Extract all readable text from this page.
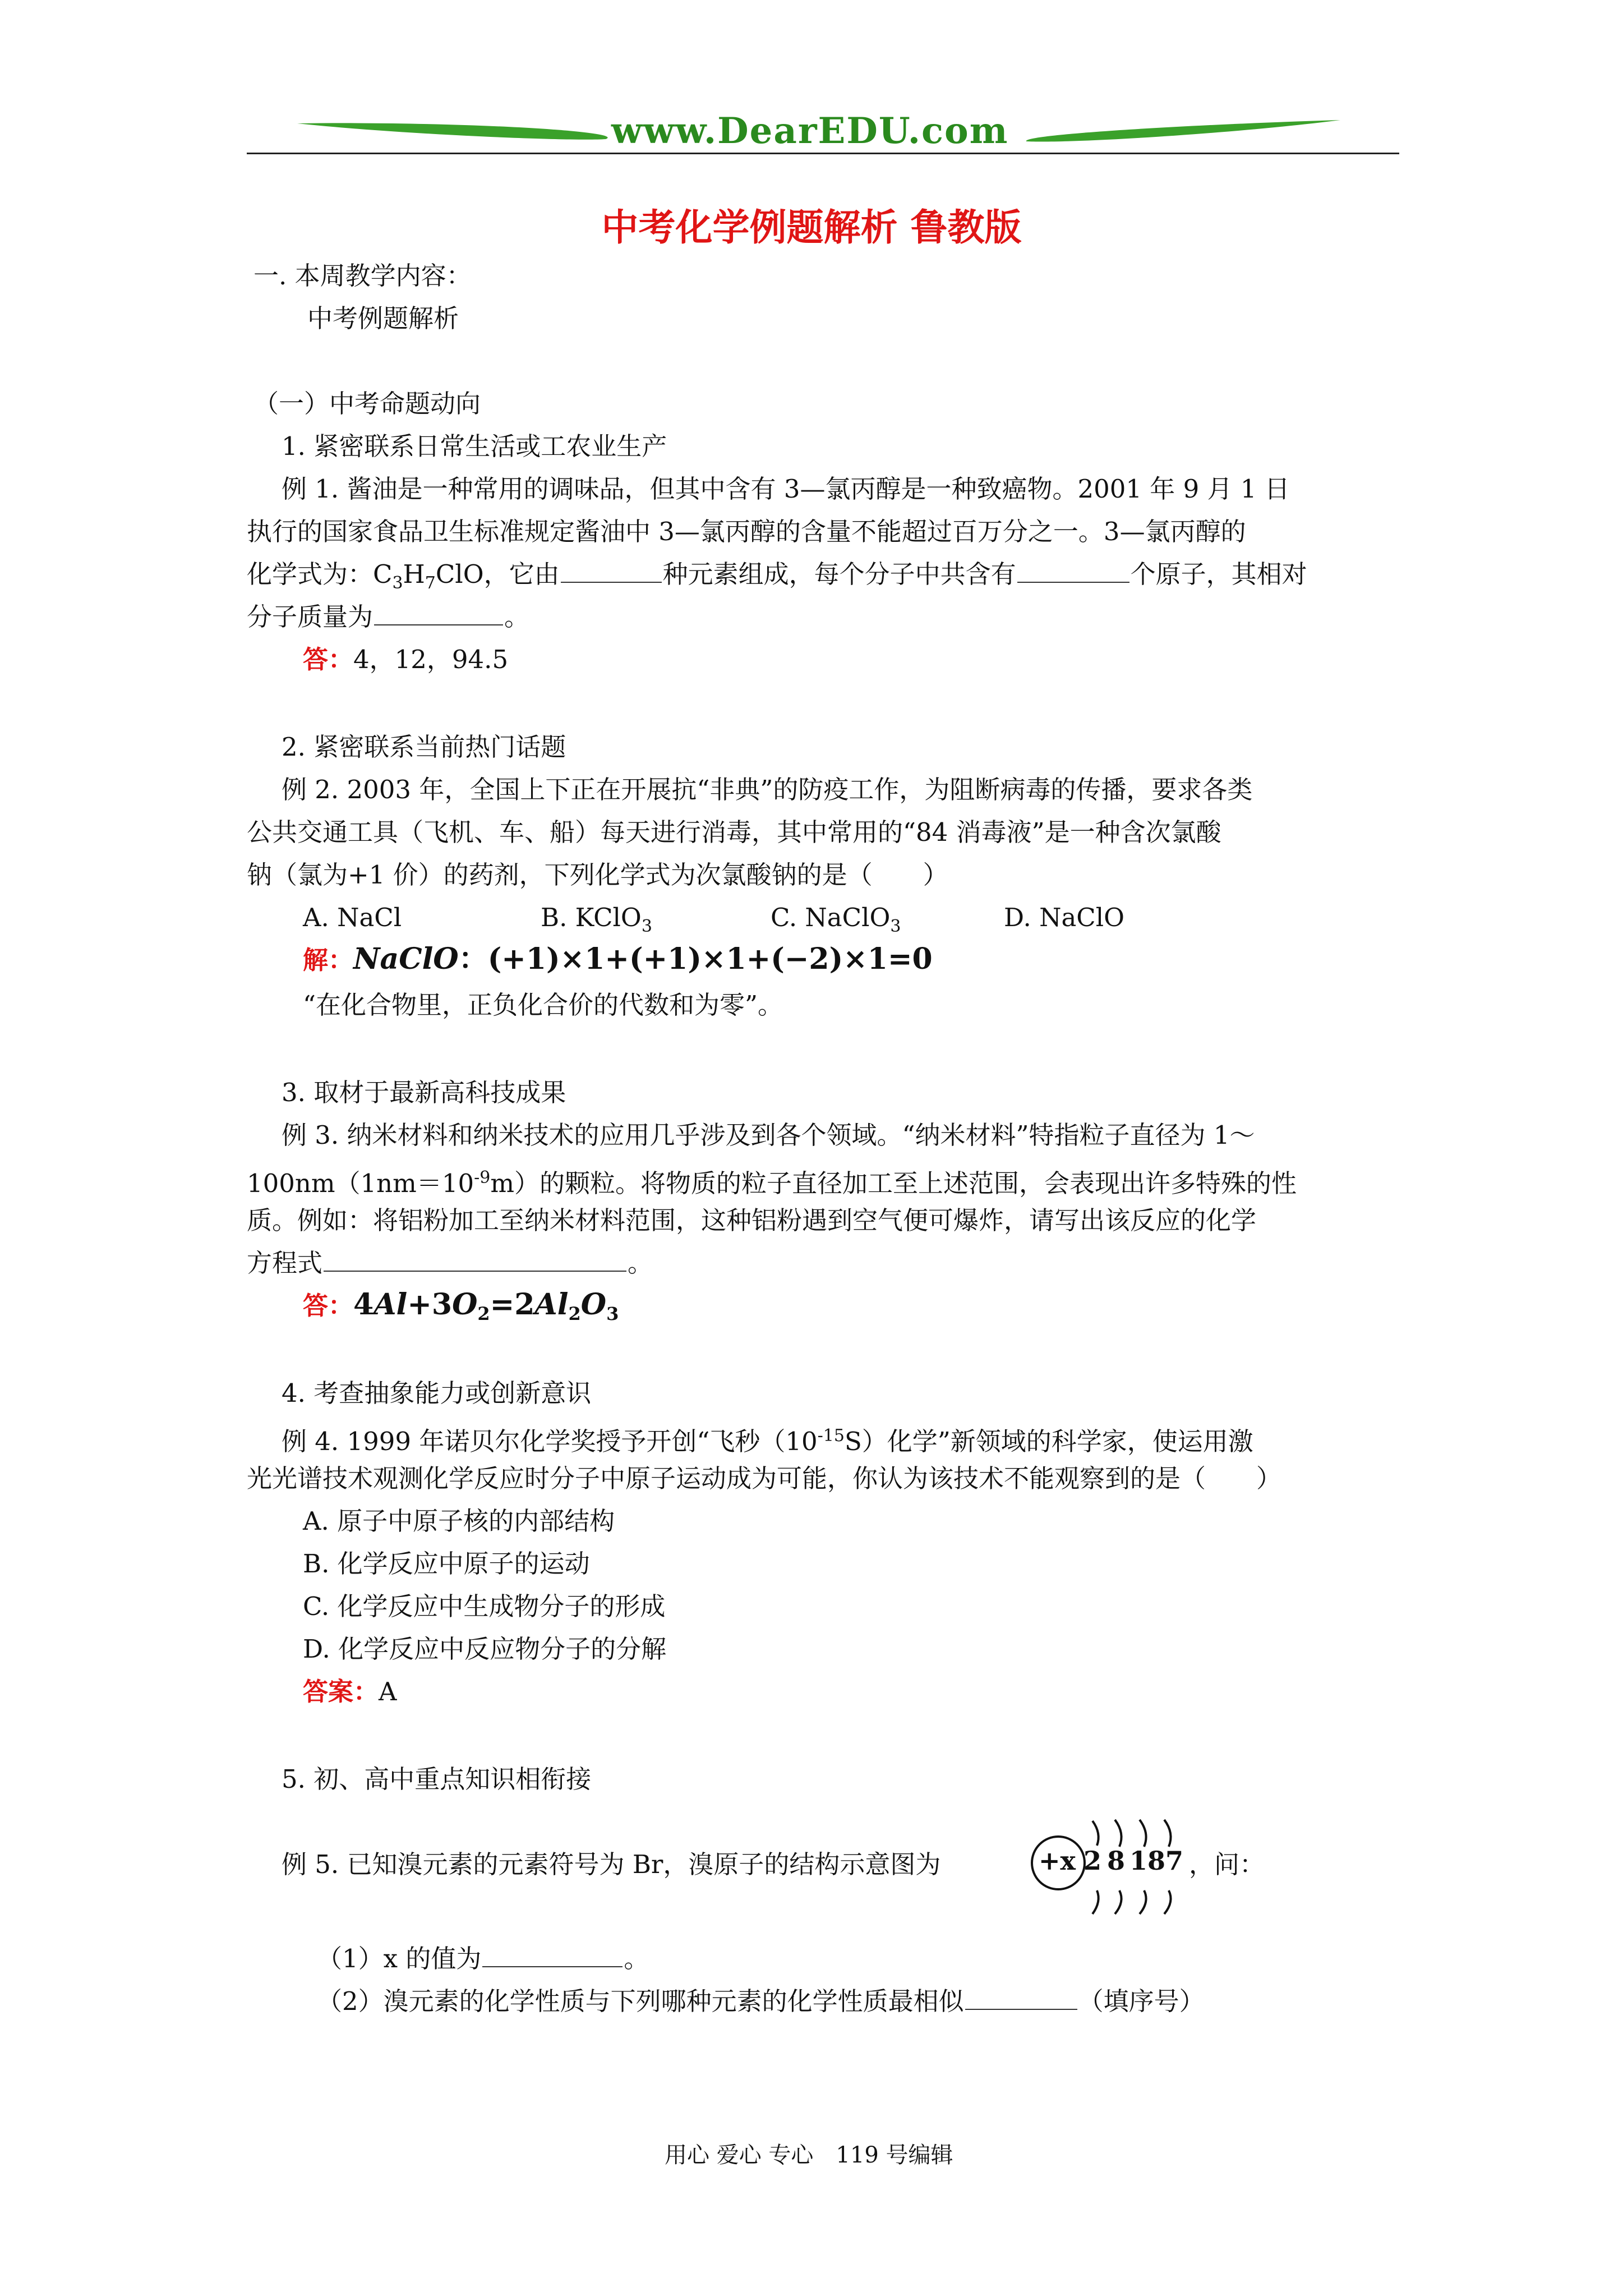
www.DearEDU.com
中考化学例题解析 鲁教版
一. 本周教学内容：
中考例题解析
（一）中考命题动向
1. 紧密联系日常生活或工农业生产
例 1. 酱油是一种常用的调味品，但其中含有 3—氯丙醇是一种致癌物。2001 年 9 月 1 日
执行的国家食品卫生标准规定酱油中 3—氯丙醇的含量不能超过百万分之一。3—氯丙醇的
化学式为：$C_3H_7ClO$，它由	种元素组成，每个分子中共含有	个原子，其相对
分子质量为	。
答：4，12，94.5
2. 紧密联系当前热门话题
例 2. 2003 年，全国上下正在开展抗“非典”的防疫工作，为阻断病毒的传播，要求各类
公共交通工具（飞机、车、船）每天进行消毒，其中常用的“84 消毒液”是一种含次氯酸
钠（氯为+1 价）的药剂，下列化学式为次氯酸钠的是（　　）
A. NaCl	B. KClO$_3$	C. NaClO$_3$	D. NaClO
解：NaClO：(+1)×1+(+1)×1+(−2)×1=0
“在化合物里，正负化合价的代数和为零”。
3. 取材于最新高科技成果
例 3. 纳米材料和纳米技术的应用几乎涉及到各个领域。“纳米材料”特指粒子直径为 1～
$100nm(1nm=10^{-9}m)$的颗粒。将物质的粒子直径加工至上述范围，会表现出许多特殊的性
质。例如：将铝粉加工至纳米材料范围，这种铝粉遇到空气便可爆炸，请写出该反应的化学
方程式	。
答：$4Al+3O_2=2Al_2O_3$
4. 考查抽象能力或创新意识
例 4. 1999 年诺贝尔化学奖授予开创“飞秒$(10^{-15}S)$化学”新领域的科学家，使运用激
光光谱技术观测化学反应时分子中原子运动成为可能，你认为该技术不能观察到的是（　　）
A. 原子中原子核的内部结构
B. 化学反应中原子的运动
C. 化学反应中生成物分子的形成
D. 化学反应中反应物分子的分解
答案：A
5. 初、高中重点知识相衔接
例 5. 已知溴元素的元素符号为 Br，溴原子的结构示意图为	+x 2 8 18 7 ，问：
（1）x 的值为	。
（2）溴元素的化学性质与下列哪种元素的化学性质最相似	（填序号）
用心 爱心 专心　119 号编辑
